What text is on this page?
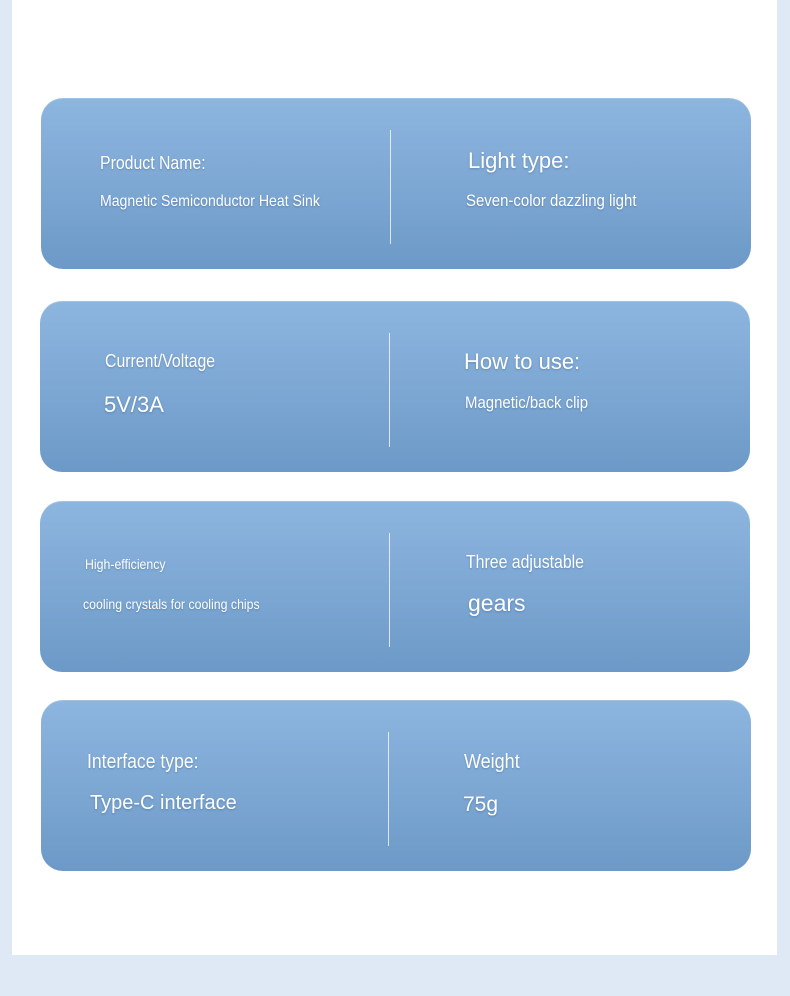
Product Name:
Magnetic Semiconductor Heat Sink
Light type:
Seven-color dazzling light
Current/Voltage
5V/3A
How to use:
Magnetic/back clip
High-efficiency
cooling crystals for cooling chips
Three adjustable
gears
Interface type:
Type-C interface
Weight
75g
